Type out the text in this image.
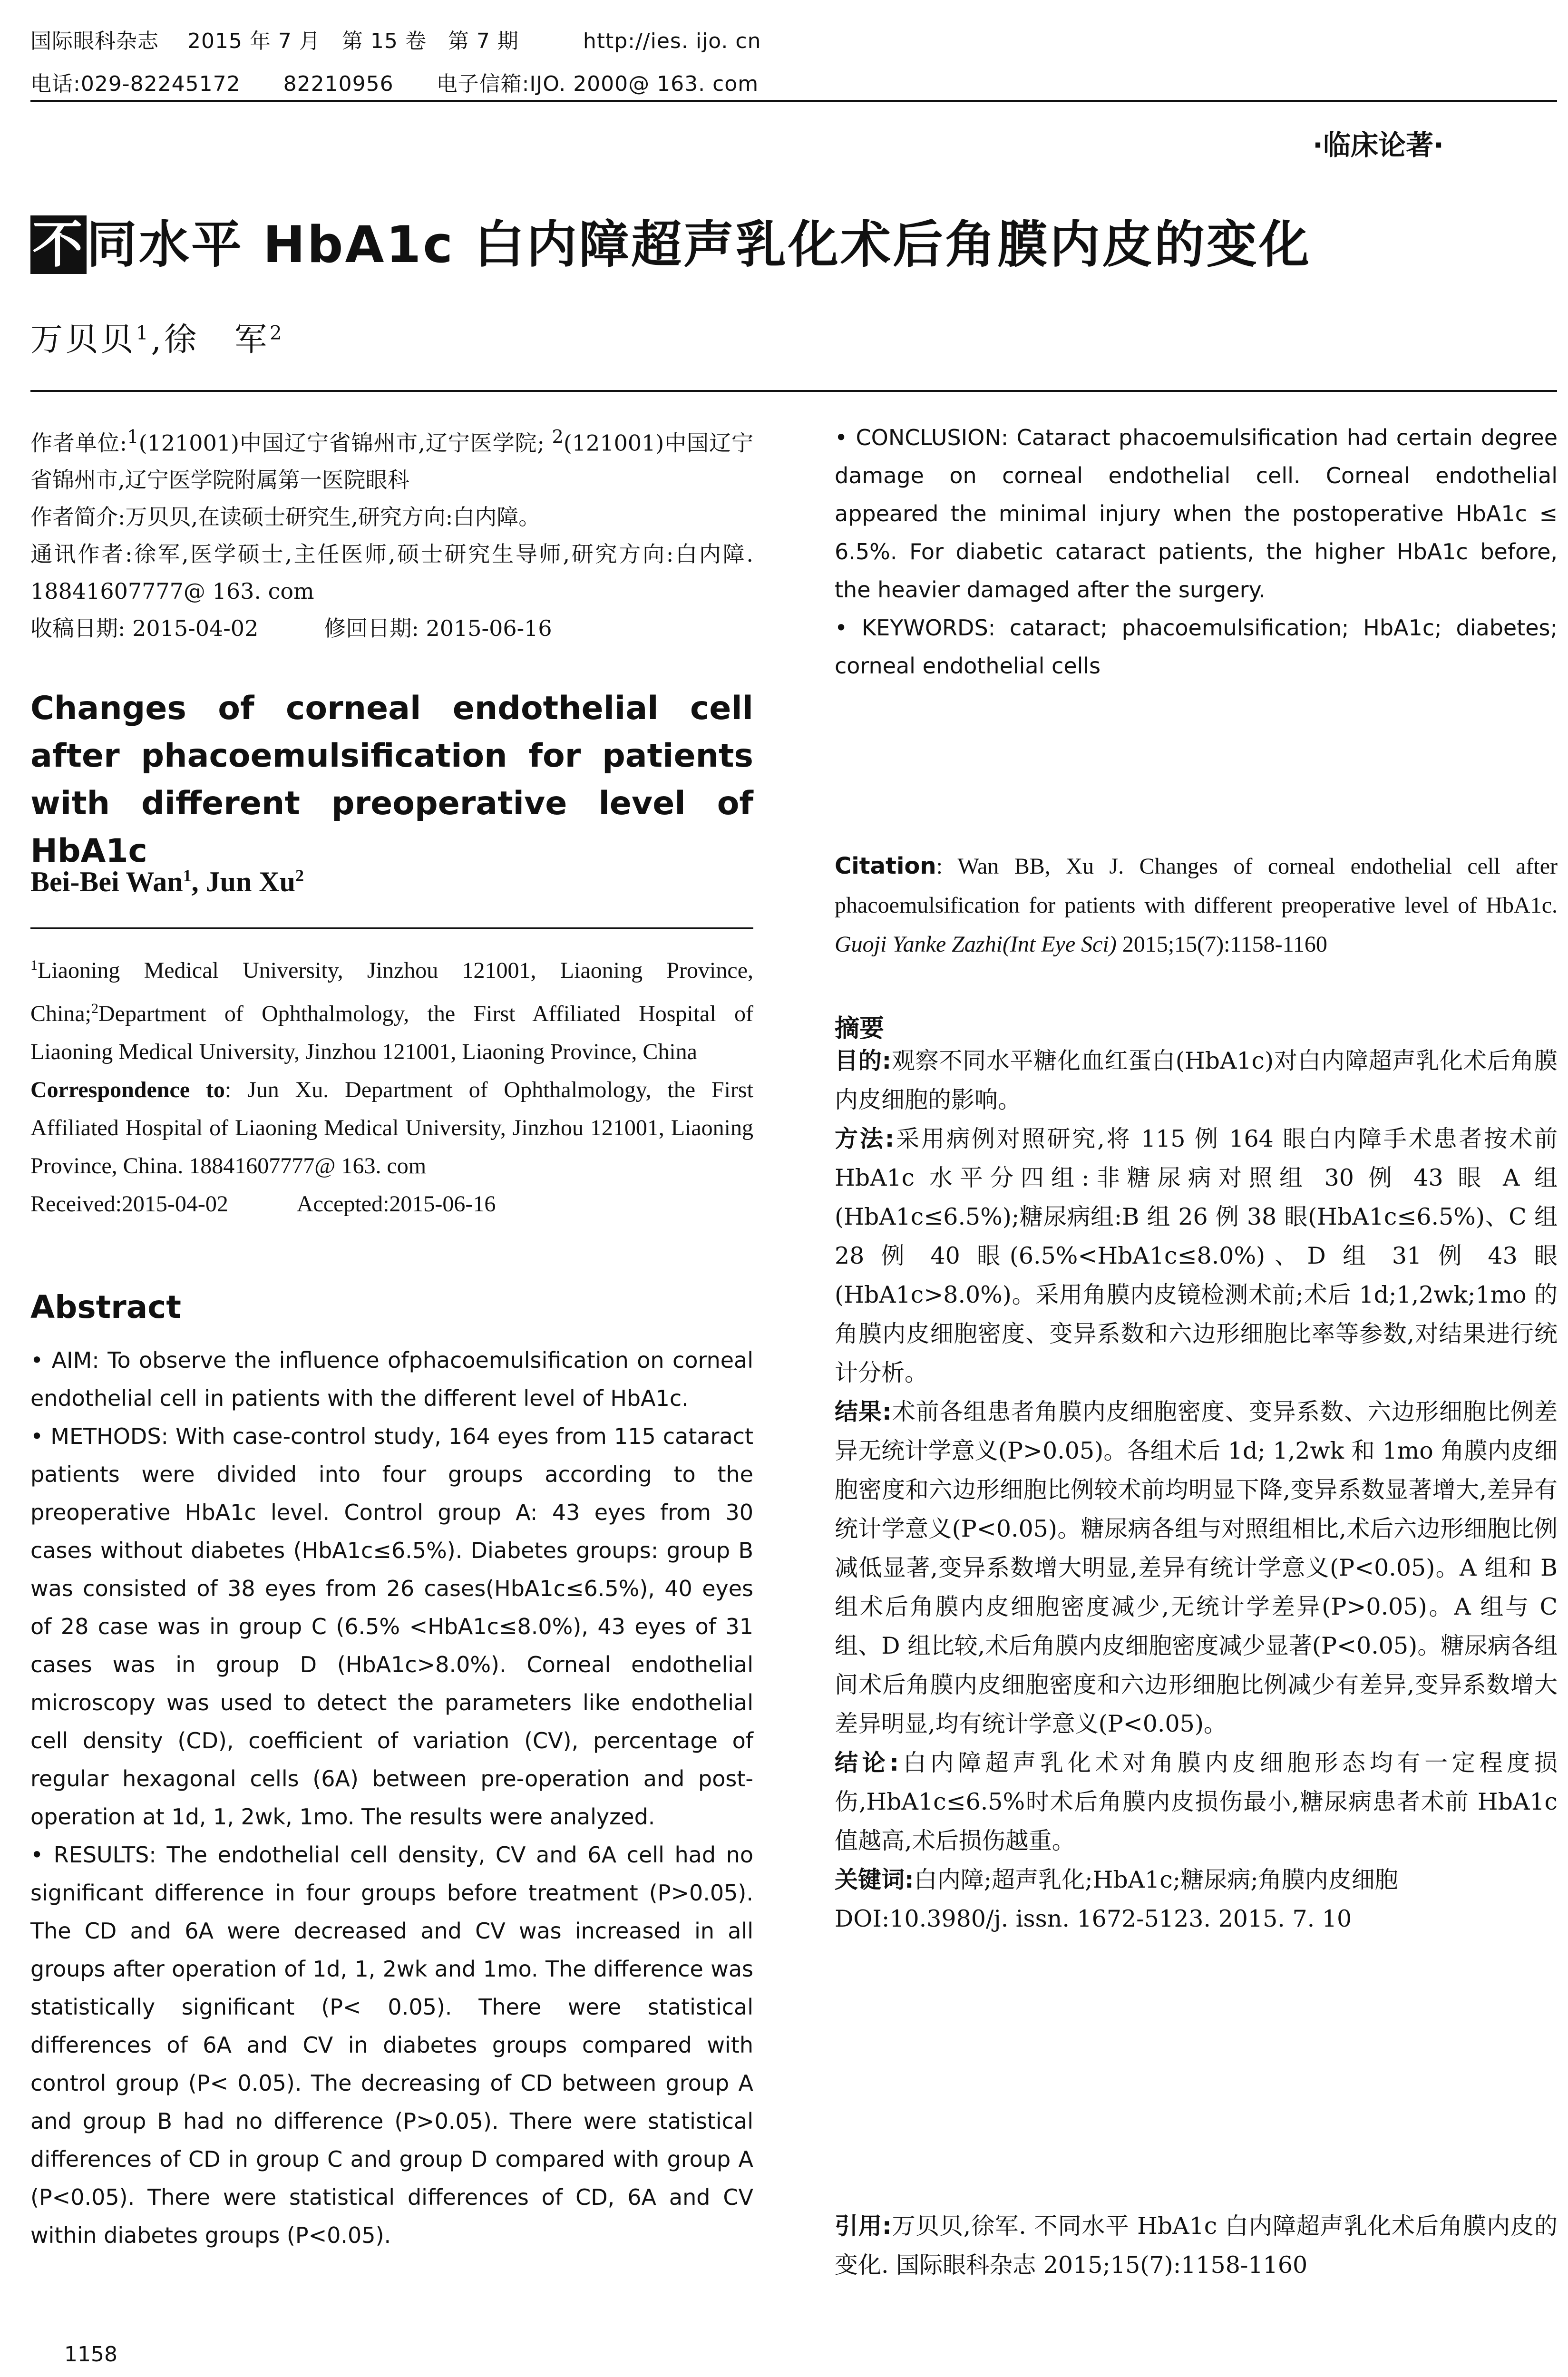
国际眼科杂志　 2015 年 7 月　第 15 卷　第 7 期　　　http://ies. ijo. cn
电话:029-82245172　　82210956　　电子信箱:IJO. 2000@ 163. com
·临床论著·
不同水平 HbA1c 白内障超声乳化术后角膜内皮的变化
万贝贝$^1$,徐　军$^2$

作者单位:$^1$(121001)中国辽宁省锦州市,辽宁医学院; $^2$(121001)中国辽宁省锦州市,辽宁医学院附属第一医院眼科

作者简介:万贝贝,在读硕士研究生,研究方向:白内障。

通讯作者:徐军,医学硕士,主任医师,硕士研究生导师,研究方向:白内障. 18841607777@ 163. com

收稿日期: 2015-04-02　　　修回日期: 2015-06-16

Changes of corneal endothelial cell after phacoemulsification for patients with different preoperative level of HbA1c
Bei-Bei Wan$^1$, Jun Xu$^2$

$^1$Liaoning Medical University, Jinzhou 121001, Liaoning Province, China;$^2$Department of Ophthalmology, the First Affiliated Hospital of Liaoning Medical University, Jinzhou 121001, Liaoning Province, China

Correspondence to: Jun Xu. Department of Ophthalmology, the First Affiliated Hospital of Liaoning Medical University, Jinzhou 121001, Liaoning Province, China. 18841607777@ 163. com

Received:2015-04-02　　　Accepted:2015-06-16

Abstract

• AIM: To observe the influence ofphacoemulsification on corneal endothelial cell in patients with the different level of HbA1c.

• METHODS: With case-control study, 164 eyes from 115 cataract patients were divided into four groups according to the preoperative HbA1c level. Control group A: 43 eyes from 30 cases without diabetes (HbA1c≤6.5%). Diabetes groups: group B was consisted of 38 eyes from 26 cases(HbA1c≤6.5%), 40 eyes of 28 case was in group C (6.5% <HbA1c≤8.0%), 43 eyes of 31 cases was in group D (HbA1c>8.0%). Corneal endothelial microscopy was used to detect the parameters like endothelial cell density (CD), coefficient of variation (CV), percentage of regular hexagonal cells (6A) between pre-operation and post-operation at 1d, 1, 2wk, 1mo. The results were analyzed.

• RESULTS: The endothelial cell density, CV and 6A cell had no significant difference in four groups before treatment (P>0.05). The CD and 6A were decreased and CV was increased in all groups after operation of 1d, 1, 2wk and 1mo. The difference was statistically significant (P< 0.05). There were statistical differences of 6A and CV in diabetes groups compared with control group (P< 0.05). The decreasing of CD between group A and group B had no difference (P>0.05). There were statistical differences of CD in group C and group D compared with group A (P<0.05). There were statistical differences of CD, 6A and CV within diabetes groups (P<0.05).

1158

• CONCLUSION: Cataract phacoemulsification had certain degree damage on corneal endothelial cell. Corneal endothelial appeared the minimal injury when the postoperative HbA1c ≤ 6.5%. For diabetic cataract patients, the higher HbA1c before, the heavier damaged after the surgery.

• KEYWORDS: cataract; phacoemulsification; HbA1c; diabetes; corneal endothelial cells

Citation: Wan BB, Xu J. Changes of corneal endothelial cell after phacoemulsification for patients with different preoperative level of HbA1c. Guoji Yanke Zazhi(Int Eye Sci) 2015;15(7):1158-1160
摘要

目的:观察不同水平糖化血红蛋白(HbA1c)对白内障超声乳化术后角膜内皮细胞的影响。

方法:采用病例对照研究,将 115 例 164 眼白内障手术患者按术前 HbA1c 水平分四组:非糖尿病对照组 30 例 43 眼 A 组(HbA1c≤6.5%);糖尿病组:B 组 26 例 38 眼(HbA1c≤6.5%)、C 组 28 例 40 眼(6.5%<HbA1c≤8.0%)、D 组 31 例 43 眼(HbA1c>8.0%)。采用角膜内皮镜检测术前;术后 1d;1,2wk;1mo 的角膜内皮细胞密度、变异系数和六边形细胞比率等参数,对结果进行统计分析。

结果:术前各组患者角膜内皮细胞密度、变异系数、六边形细胞比例差异无统计学意义(P>0.05)。各组术后 1d; 1,2wk 和 1mo 角膜内皮细胞密度和六边形细胞比例较术前均明显下降,变异系数显著增大,差异有统计学意义(P<0.05)。糖尿病各组与对照组相比,术后六边形细胞比例减低显著,变异系数增大明显,差异有统计学意义(P<0.05)。A 组和 B 组术后角膜内皮细胞密度减少,无统计学差异(P>0.05)。A 组与 C 组、D 组比较,术后角膜内皮细胞密度减少显著(P<0.05)。糖尿病各组间术后角膜内皮细胞密度和六边形细胞比例减少有差异,变异系数增大差异明显,均有统计学意义(P<0.05)。

结论:白内障超声乳化术对角膜内皮细胞形态均有一定程度损伤,HbA1c≤6.5%时术后角膜内皮损伤最小,糖尿病患者术前 HbA1c 值越高,术后损伤越重。

关键词:白内障;超声乳化;HbA1c;糖尿病;角膜内皮细胞

DOI:10.3980/j. issn. 1672-5123. 2015. 7. 10

引用:万贝贝,徐军. 不同水平 HbA1c 白内障超声乳化术后角膜内皮的变化. 国际眼科杂志 2015;15(7):1158-1160
